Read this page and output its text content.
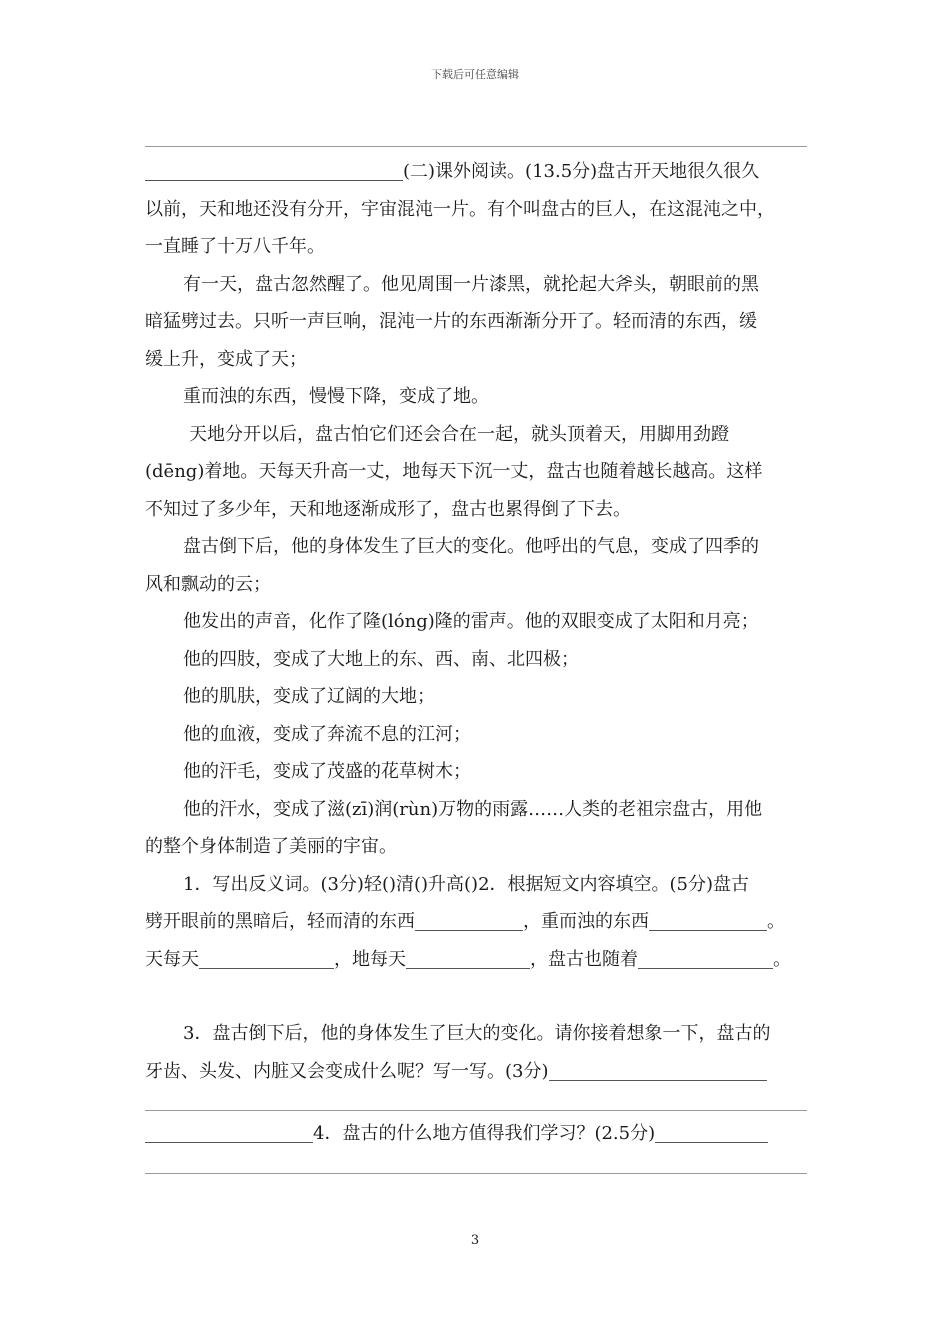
下载后可任意编辑
(二)课外阅读。(13.5分)盘古开天地很久很久
以前，天和地还没有分开，宇宙混沌一片。有个叫盘古的巨人，在这混沌之中，
一直睡了十万八千年。
有一天，盘古忽然醒了。他见周围一片漆黑，就抡起大斧头，朝眼前的黑
暗猛劈过去。只听一声巨响，混沌一片的东西渐渐分开了。轻而清的东西，缓
缓上升，变成了天；
重而浊的东西，慢慢下降，变成了地。
天地分开以后，盘古怕它们还会合在一起，就头顶着天，用脚用劲蹬
(dēng)着地。天每天升高一丈，地每天下沉一丈，盘古也随着越长越高。这样
不知过了多少年，天和地逐渐成形了，盘古也累得倒了下去。
盘古倒下后，他的身体发生了巨大的变化。他呼出的气息，变成了四季的
风和飘动的云；
他发出的声音，化作了隆(lóng)隆的雷声。他的双眼变成了太阳和月亮；
他的四肢，变成了大地上的东、西、南、北四极；
他的肌肤，变成了辽阔的大地；
他的血液，变成了奔流不息的江河；
他的汗毛，变成了茂盛的花草树木；
他的汗水，变成了滋(zī)润(rùn)万物的雨露……人类的老祖宗盘古，用他
的整个身体制造了美丽的宇宙。
1．写出反义词。(3分)轻()清()升高()2．根据短文内容填空。(5分)盘古
劈开眼前的黑暗后，轻而清的东西	，重而浊的东西	。
天每天	，地每天	，盘古也随着	。
3．盘古倒下后，他的身体发生了巨大的变化。请你接着想象一下，盘古的
牙齿、头发、内脏又会变成什么呢？写一写。(3分)
4．盘古的什么地方值得我们学习？(2.5分)
3
